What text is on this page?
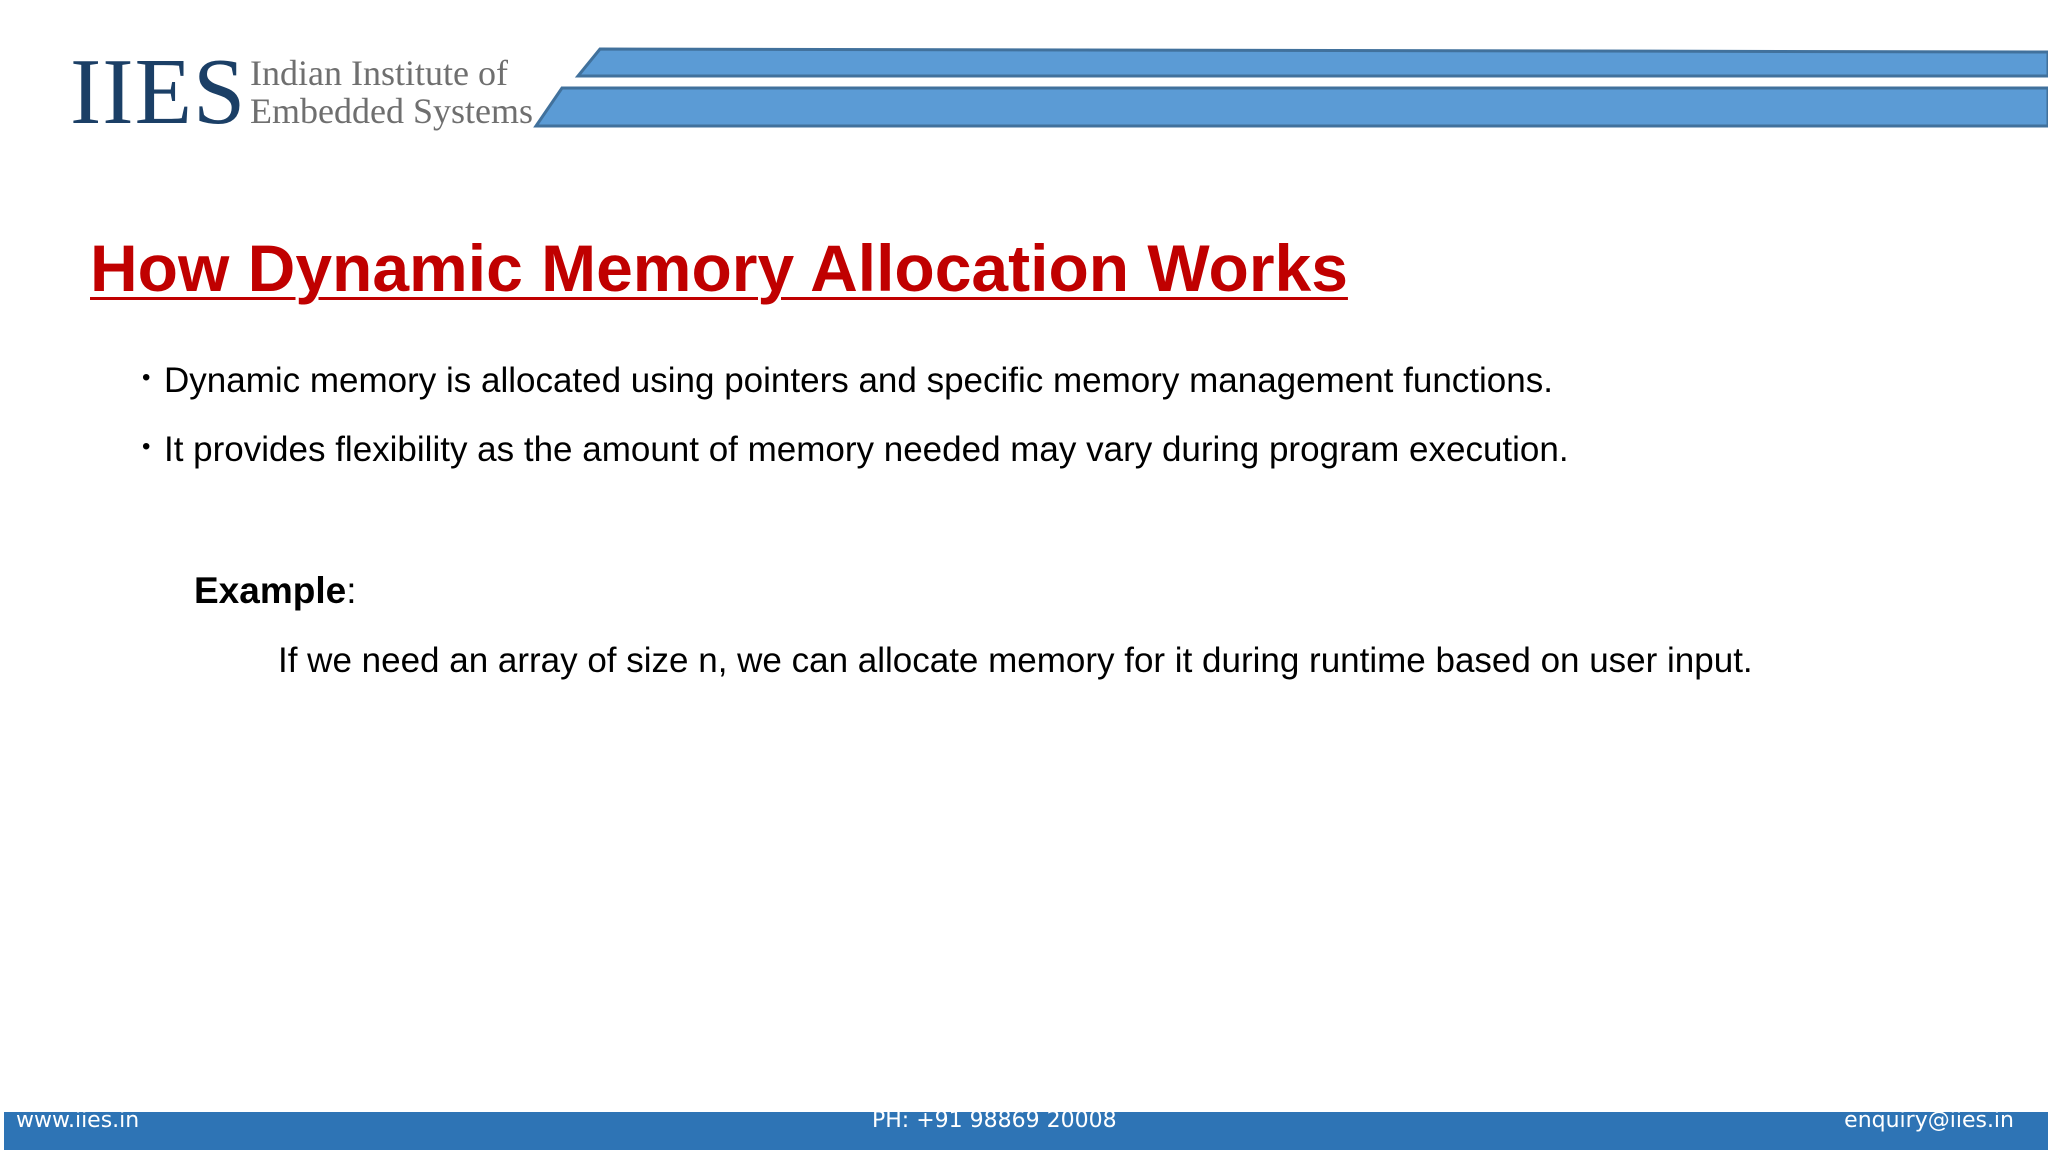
IIES Indian Institute of
Embedded Systems
How Dynamic Memory Allocation Works
• Dynamic memory is allocated using pointers and specific memory management functions.
• It provides flexibility as the amount of memory needed may vary during program execution.
Example:
If we need an array of size n, we can allocate memory for it during runtime based on user input.
www.iies.in	PH: +91 98869 20008	enquiry@iies.in
